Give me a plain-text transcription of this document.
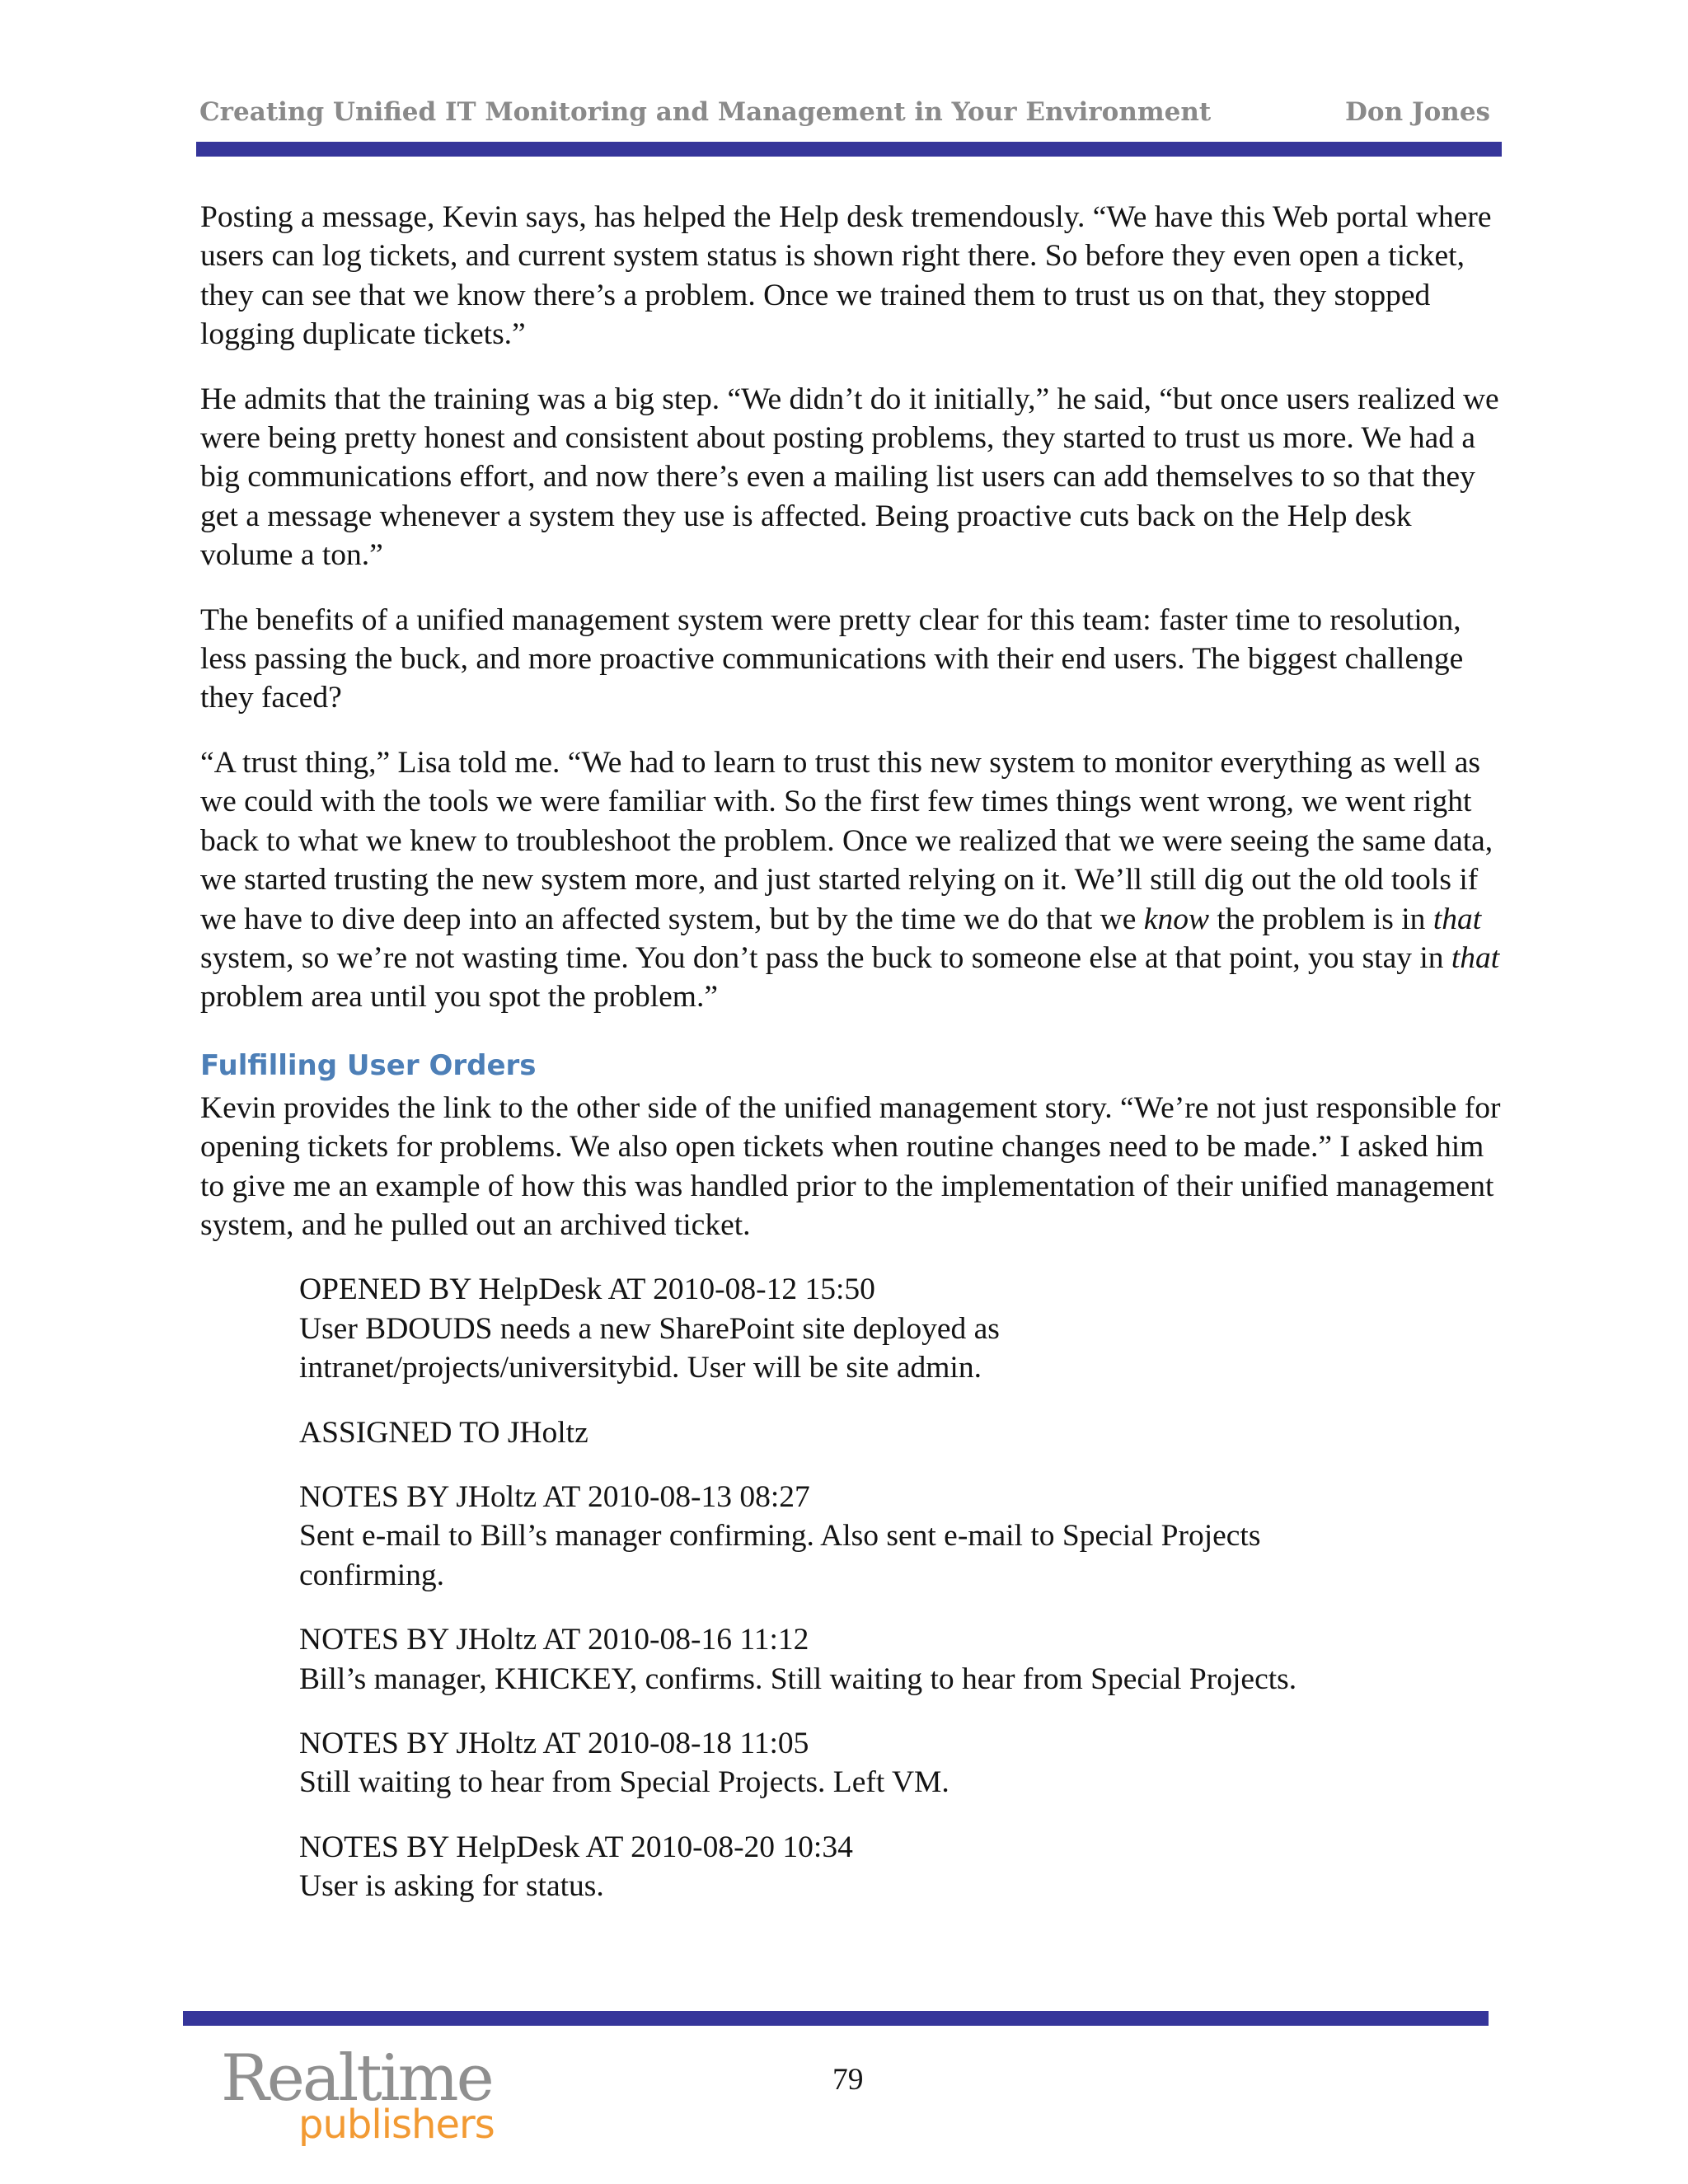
Creating Unified IT Monitoring and Management in Your Environment	Don Jones

Posting a message, Kevin says, has helped the Help desk tremendously. “We have this Web portal where users can log tickets, and current system status is shown right there. So before they even open a ticket, they can see that we know there’s a problem. Once we trained them to trust us on that, they stopped logging duplicate tickets.”

He admits that the training was a big step. “We didn’t do it initially,” he said, “but once users realized we were being pretty honest and consistent about posting problems, they started to trust us more. We had a big communications effort, and now there’s even a mailing list users can add themselves to so that they get a message whenever a system they use is affected. Being proactive cuts back on the Help desk volume a ton.”

The benefits of a unified management system were pretty clear for this team: faster time to resolution, less passing the buck, and more proactive communications with their end users. The biggest challenge they faced?

“A trust thing,” Lisa told me. “We had to learn to trust this new system to monitor everything as well as we could with the tools we were familiar with. So the first few times things went wrong, we went right back to what we knew to troubleshoot the problem. Once we realized that we were seeing the same data, we started trusting the new system more, and just started relying on it. We’ll still dig out the old tools if we have to dive deep into an affected system, but by the time we do that we know the problem is in that system, so we’re not wasting time. You don’t pass the buck to someone else at that point, you stay in that problem area until you spot the problem.”

Fulfilling User Orders

Kevin provides the link to the other side of the unified management story. “We’re not just responsible for opening tickets for problems. We also open tickets when routine changes need to be made.” I asked him to give me an example of how this was handled prior to the implementation of their unified management system, and he pulled out an archived ticket.

OPENED BY HelpDesk AT 2010-08-12 15:50
User BDOUDS needs a new SharePoint site deployed as
intranet/projects/universitybid. User will be site admin.
ASSIGNED TO JHoltz
NOTES BY JHoltz AT 2010-08-13 08:27
Sent e-mail to Bill’s manager confirming. Also sent e-mail to Special Projects
confirming.
NOTES BY JHoltz AT 2010-08-16 11:12
Bill’s manager, KHICKEY, confirms. Still waiting to hear from Special Projects.
NOTES BY JHoltz AT 2010-08-18 11:05
Still waiting to hear from Special Projects. Left VM.
NOTES BY HelpDesk AT 2010-08-20 10:34
User is asking for status.
Realtime
publishers
79
